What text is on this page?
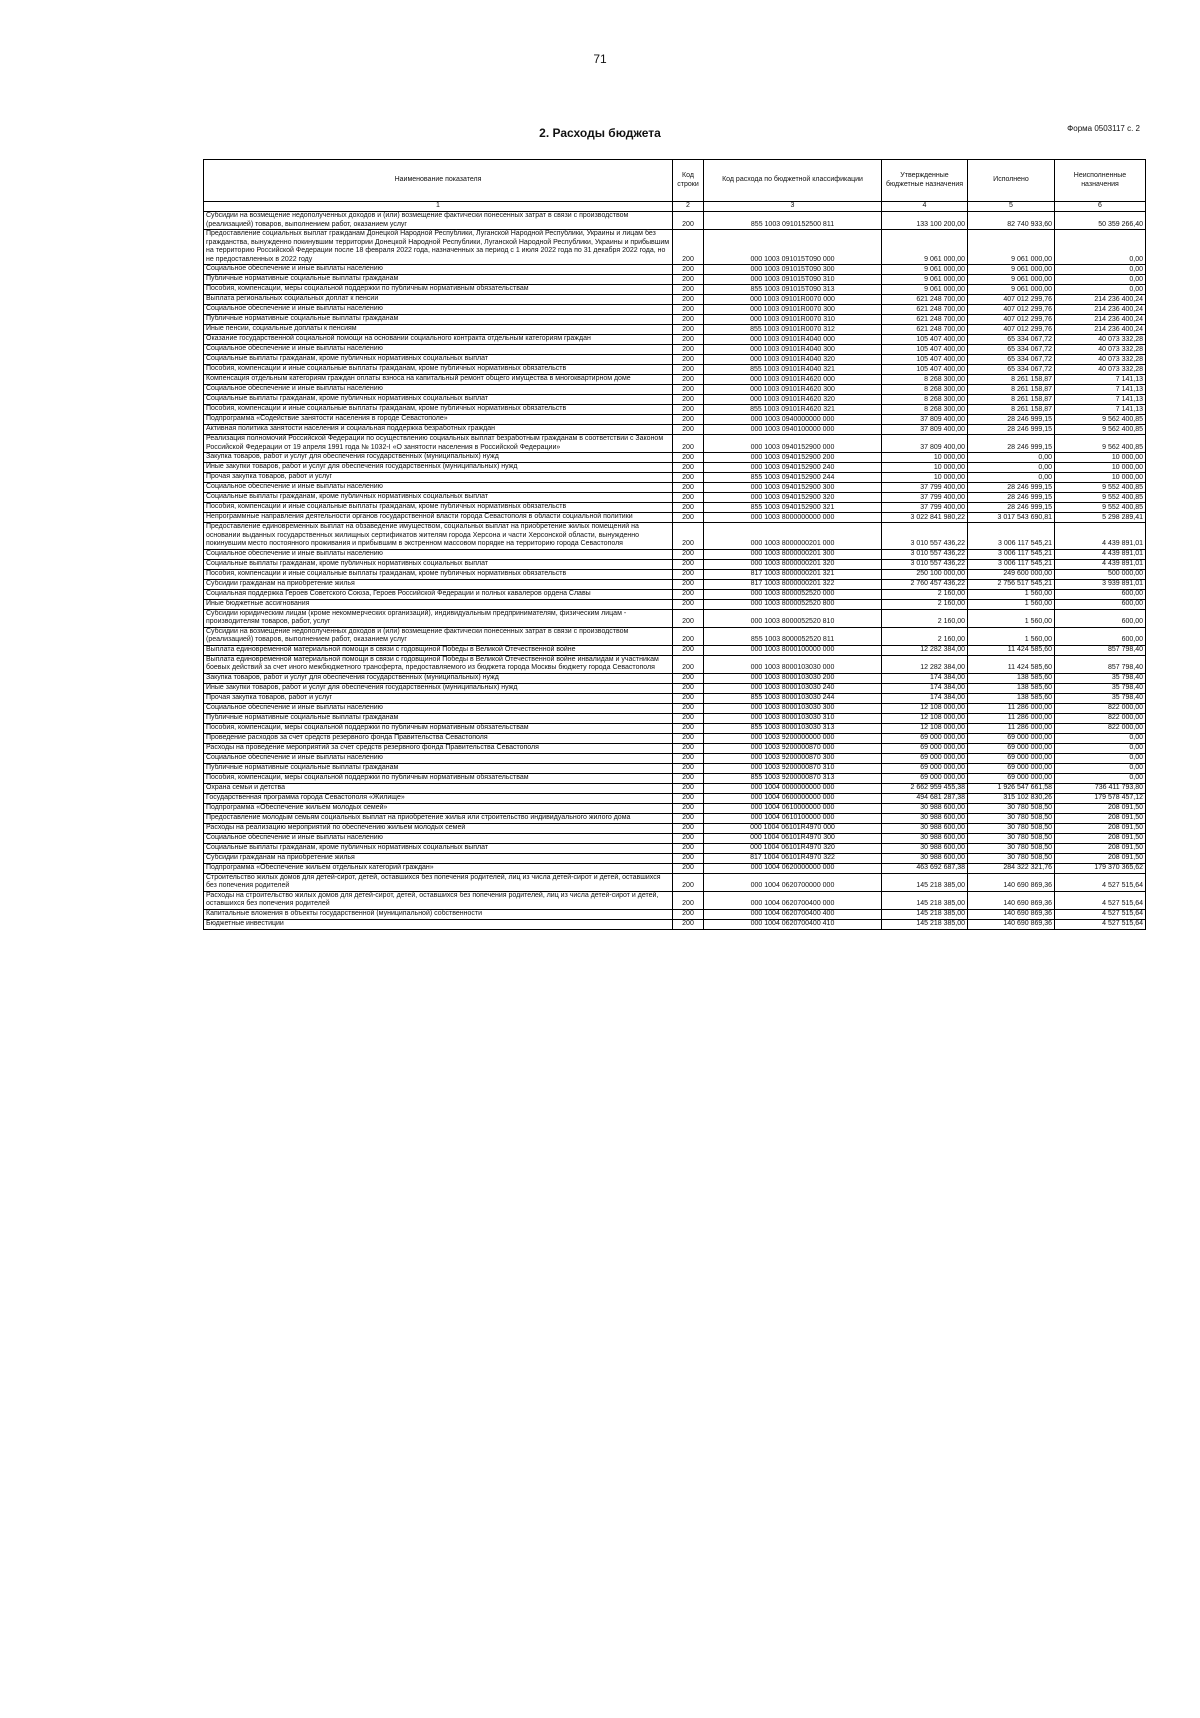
71
Форма 0503117 с. 2
2. Расходы бюджета
Наименование показателя	Код строки	Код расхода по бюджетной классификации	Утвержденные бюджетные назначения	Исполнено	Неисполненные назначения
1	2	3	4	5	6
Субсидии на возмещение недополученных доходов и (или) возмещение фактически понесенных затрат в связи с производством (реализацией) товаров, выполнением работ, оказанием услуг	200	855 1003 0910152500 811	133 100 200,00	82 740 933,60	50 359 266,40
Предоставление социальных выплат гражданам Донецкой Народной Республики, Луганской Народной Республики, Украины и лицам без гражданства, вынужденно покинувшим территории Донецкой Народной Республики, Луганской Народной Республики, Украины и прибывшим на территорию Российской Федерации после 18 февраля 2022 года, назначенных за период с 1 июля 2022 года по 31 декабря 2022 года, но не предоставленных в 2022 году	200	000 1003 091015Т090 000	9 061 000,00	9 061 000,00	0,00
Социальное обеспечение и иные выплаты населению	200	000 1003 091015Т090 300	9 061 000,00	9 061 000,00	0,00
Публичные нормативные социальные выплаты гражданам	200	000 1003 091015Т090 310	9 061 000,00	9 061 000,00	0,00
Пособия, компенсации, меры социальной поддержки по публичным нормативным обязательствам	200	855 1003 091015Т090 313	9 061 000,00	9 061 000,00	0,00
Выплата региональных социальных доплат к пенсии	200	000 1003 09101R0070 000	621 248 700,00	407 012 299,76	214 236 400,24
Социальное обеспечение и иные выплаты населению	200	000 1003 09101R0070 300	621 248 700,00	407 012 299,76	214 236 400,24
Публичные нормативные социальные выплаты гражданам	200	000 1003 09101R0070 310	621 248 700,00	407 012 299,76	214 236 400,24
Иные пенсии, социальные доплаты к пенсиям	200	855 1003 09101R0070 312	621 248 700,00	407 012 299,76	214 236 400,24
Оказание государственной социальной помощи на основании социального контракта отдельным категориям граждан	200	000 1003 09101R4040 000	105 407 400,00	65 334 067,72	40 073 332,28
Социальное обеспечение и иные выплаты населению	200	000 1003 09101R4040 300	105 407 400,00	65 334 067,72	40 073 332,28
Социальные выплаты гражданам, кроме публичных нормативных социальных выплат	200	000 1003 09101R4040 320	105 407 400,00	65 334 067,72	40 073 332,28
Пособия, компенсации и иные социальные выплаты гражданам, кроме публичных нормативных обязательств	200	855 1003 09101R4040 321	105 407 400,00	65 334 067,72	40 073 332,28
Компенсация отдельным категориям граждан оплаты взноса на капитальный ремонт общего имущества в многоквартирном доме	200	000 1003 09101R4620 000	8 268 300,00	8 261 158,87	7 141,13
Социальное обеспечение и иные выплаты населению	200	000 1003 09101R4620 300	8 268 300,00	8 261 158,87	7 141,13
Социальные выплаты гражданам, кроме публичных нормативных социальных выплат	200	000 1003 09101R4620 320	8 268 300,00	8 261 158,87	7 141,13
Пособия, компенсации и иные социальные выплаты гражданам, кроме публичных нормативных обязательств	200	855 1003 09101R4620 321	8 268 300,00	8 261 158,87	7 141,13
Подпрограмма «Содействие занятости населения в городе Севастополе»	200	000 1003 0940000000 000	37 809 400,00	28 246 999,15	9 562 400,85
Активная политика занятости населения и социальная поддержка безработных граждан	200	000 1003 0940100000 000	37 809 400,00	28 246 999,15	9 562 400,85
Реализация полномочий Российской Федерации по осуществлению социальных выплат безработным гражданам в соответствии с Законом Российской Федерации от 19 апреля 1991 года № 1032-I «О занятости населения в Российской Федерации»	200	000 1003 0940152900 000	37 809 400,00	28 246 999,15	9 562 400,85
Закупка товаров, работ и услуг для обеспечения государственных (муниципальных) нужд	200	000 1003 0940152900 200	10 000,00	0,00	10 000,00
Иные закупки товаров, работ и услуг для обеспечения государственных (муниципальных) нужд	200	000 1003 0940152900 240	10 000,00	0,00	10 000,00
Прочая закупка товаров, работ и услуг	200	855 1003 0940152900 244	10 000,00	0,00	10 000,00
Социальное обеспечение и иные выплаты населению	200	000 1003 0940152900 300	37 799 400,00	28 246 999,15	9 552 400,85
Социальные выплаты гражданам, кроме публичных нормативных социальных выплат	200	000 1003 0940152900 320	37 799 400,00	28 246 999,15	9 552 400,85
Пособия, компенсации и иные социальные выплаты гражданам, кроме публичных нормативных обязательств	200	855 1003 0940152900 321	37 799 400,00	28 246 999,15	9 552 400,85
Непрограммные направления деятельности органов государственной власти города Севастополя в области социальной политики	200	000 1003 8000000000 000	3 022 841 980,22	3 017 543 690,81	5 298 289,41
Предоставление единовременных выплат на обзаведение имуществом, социальных выплат на приобретение жилых помещений на основании выданных государственных жилищных сертификатов жителям города Херсона и части Херсонской области, вынужденно покинувшим место постоянного проживания и прибывшим в экстренном массовом порядке на территорию города Севастополя	200	000 1003 8000000201 000	3 010 557 436,22	3 006 117 545,21	4 439 891,01
Социальное обеспечение и иные выплаты населению	200	000 1003 8000000201 300	3 010 557 436,22	3 006 117 545,21	4 439 891,01
Социальные выплаты гражданам, кроме публичных нормативных социальных выплат	200	000 1003 8000000201 320	3 010 557 436,22	3 006 117 545,21	4 439 891,01
Пособия, компенсации и иные социальные выплаты гражданам, кроме публичных нормативных обязательств	200	817 1003 8000000201 321	250 100 000,00	249 600 000,00	500 000,00
Субсидии гражданам на приобретение жилья	200	817 1003 8000000201 322	2 760 457 436,22	2 756 517 545,21	3 939 891,01
Социальная поддержка Героев Советского Союза, Героев Российской Федерации и полных кавалеров ордена Славы	200	000 1003 8000052520 000	2 160,00	1 560,00	600,00
Иные бюджетные ассигнования	200	000 1003 8000052520 800	2 160,00	1 560,00	600,00
Субсидии юридическим лицам (кроме некоммерческих организаций), индивидуальным предпринимателям, физическим лицам - производителям товаров, работ, услуг	200	000 1003 8000052520 810	2 160,00	1 560,00	600,00
Субсидии на возмещение недополученных доходов и (или) возмещение фактически понесенных затрат в связи с производством (реализацией) товаров, выполнением работ, оказанием услуг	200	855 1003 8000052520 811	2 160,00	1 560,00	600,00
Выплата единовременной материальной помощи в связи с годовщиной Победы в Великой Отечественной войне	200	000 1003 8000100000 000	12 282 384,00	11 424 585,60	857 798,40
Выплата единовременной материальной помощи в связи с годовщиной Победы в Великой Отечественной войне инвалидам и участникам боевых действий за счет иного межбюджетного трансферта, предоставляемого из бюджета города Москвы бюджету города Севастополя	200	000 1003 8000103030 000	12 282 384,00	11 424 585,60	857 798,40
Закупка товаров, работ и услуг для обеспечения государственных (муниципальных) нужд	200	000 1003 8000103030 200	174 384,00	138 585,60	35 798,40
Иные закупки товаров, работ и услуг для обеспечения государственных (муниципальных) нужд	200	000 1003 8000103030 240	174 384,00	138 585,60	35 798,40
Прочая закупка товаров, работ и услуг	200	855 1003 8000103030 244	174 384,00	138 585,60	35 798,40
Социальное обеспечение и иные выплаты населению	200	000 1003 8000103030 300	12 108 000,00	11 286 000,00	822 000,00
Публичные нормативные социальные выплаты гражданам	200	000 1003 8000103030 310	12 108 000,00	11 286 000,00	822 000,00
Пособия, компенсации, меры социальной поддержки по публичным нормативным обязательствам	200	855 1003 8000103030 313	12 108 000,00	11 286 000,00	822 000,00
Проведение расходов за счет средств резервного фонда Правительства Севастополя	200	000 1003 9200000000 000	69 000 000,00	69 000 000,00	0,00
Расходы на проведение мероприятий за счет средств резервного фонда Правительства Севастополя	200	000 1003 9200000870 000	69 000 000,00	69 000 000,00	0,00
Социальное обеспечение и иные выплаты населению	200	000 1003 9200000870 300	69 000 000,00	69 000 000,00	0,00
Публичные нормативные социальные выплаты гражданам	200	000 1003 9200000870 310	69 000 000,00	69 000 000,00	0,00
Пособия, компенсации, меры социальной поддержки по публичным нормативным обязательствам	200	855 1003 9200000870 313	69 000 000,00	69 000 000,00	0,00
Охрана семьи и детства	200	000 1004 0000000000 000	2 662 959 455,38	1 926 547 661,58	736 411 793,80
Государственная программа города Севастополя «Жилище»	200	000 1004 0600000000 000	494 681 287,38	315 102 830,26	179 578 457,12
Подпрограмма «Обеспечение жильем молодых семей»	200	000 1004 0610000000 000	30 988 600,00	30 780 508,50	208 091,50
Предоставление молодым семьям социальных выплат на приобретение жилья или строительство индивидуального жилого дома	200	000 1004 0610100000 000	30 988 600,00	30 780 508,50	208 091,50
Расходы на реализацию мероприятий по обеспечению жильем молодых семей	200	000 1004 06101R4970 000	30 988 600,00	30 780 508,50	208 091,50
Социальное обеспечение и иные выплаты населению	200	000 1004 06101R4970 300	30 988 600,00	30 780 508,50	208 091,50
Социальные выплаты гражданам, кроме публичных нормативных социальных выплат	200	000 1004 06101R4970 320	30 988 600,00	30 780 508,50	208 091,50
Субсидии гражданам на приобретение жилья	200	817 1004 06101R4970 322	30 988 600,00	30 780 508,50	208 091,50
Подпрограмма «Обеспечение жильем отдельных категорий граждан»	200	000 1004 0620000000 000	463 692 687,38	284 322 321,76	179 370 365,62
Строительство жилых домов для детей-сирот, детей, оставшихся без попечения родителей, лиц из числа детей-сирот и детей, оставшихся без попечения родителей	200	000 1004 0620700000 000	145 218 385,00	140 690 869,36	4 527 515,64
Расходы на строительство жилых домов для детей-сирот, детей, оставшихся без попечения родителей, лиц из числа детей-сирот и детей, оставшихся без попечения родителей	200	000 1004 0620700400 000	145 218 385,00	140 690 869,36	4 527 515,64
Капитальные вложения в объекты государственной (муниципальной) собственности	200	000 1004 0620700400 400	145 218 385,00	140 690 869,36	4 527 515,64
Бюджетные инвестиции	200	000 1004 0620700400 410	145 218 385,00	140 690 869,36	4 527 515,64
